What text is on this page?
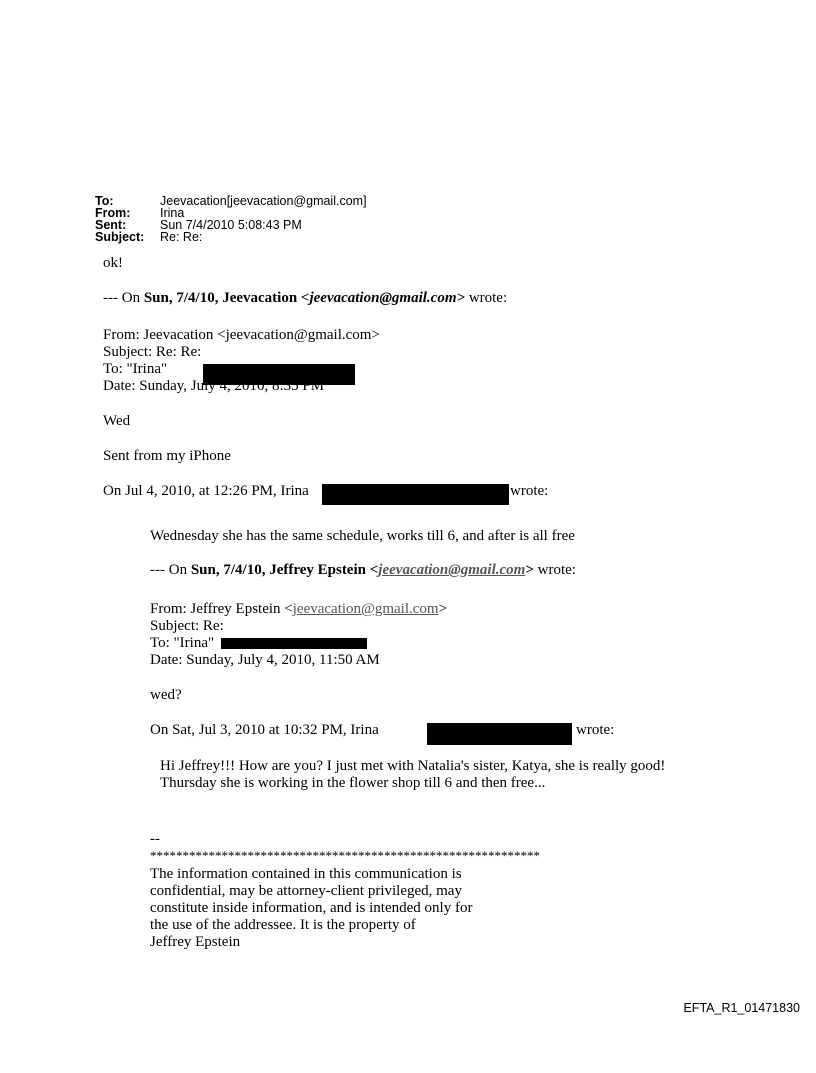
To:	Jeevacation[jeevacation@gmail.com]
From: Irina
Sent:	Sun 7/4/2010 5:08:43 PM
Subject: Re: Re:
ok!
--- On Sun, 7/4/10, Jeevacation <jeevacation@gmail.com> wrote:
From: Jeevacation <jeevacation@gmail.com>
Subject: Re: Re:
To: "Irina"
Date: Sunday, July 4, 2010, 8:35 PM
Wed
Sent from my iPhone
On Jul 4, 2010, at 12:26 PM, Irina	wrote:
Wednesday she has the same schedule, works till 6, and after is all free
--- On Sun, 7/4/10, Jeffrey Epstein <jeevacation@gmail.com> wrote:
From: Jeffrey Epstein <jeevacation@gmail.com>
Subject: Re:
To: "Irina"
Date: Sunday, July 4, 2010, 11:50 AM
wed?
On Sat, Jul 3, 2010 at 10:32 PM, Irina	wrote:
Hi Jeffrey!!! How are you? I just met with Natalia's sister, Katya, she is really good!
Thursday she is working in the flower shop till 6 and then free...
--
************************************************************
The information contained in this communication is
confidential, may be attorney-client privileged, may
constitute inside information, and is intended only for
the use of the addressee. It is the property of
Jeffrey Epstein
EFTA_R1_01471830
